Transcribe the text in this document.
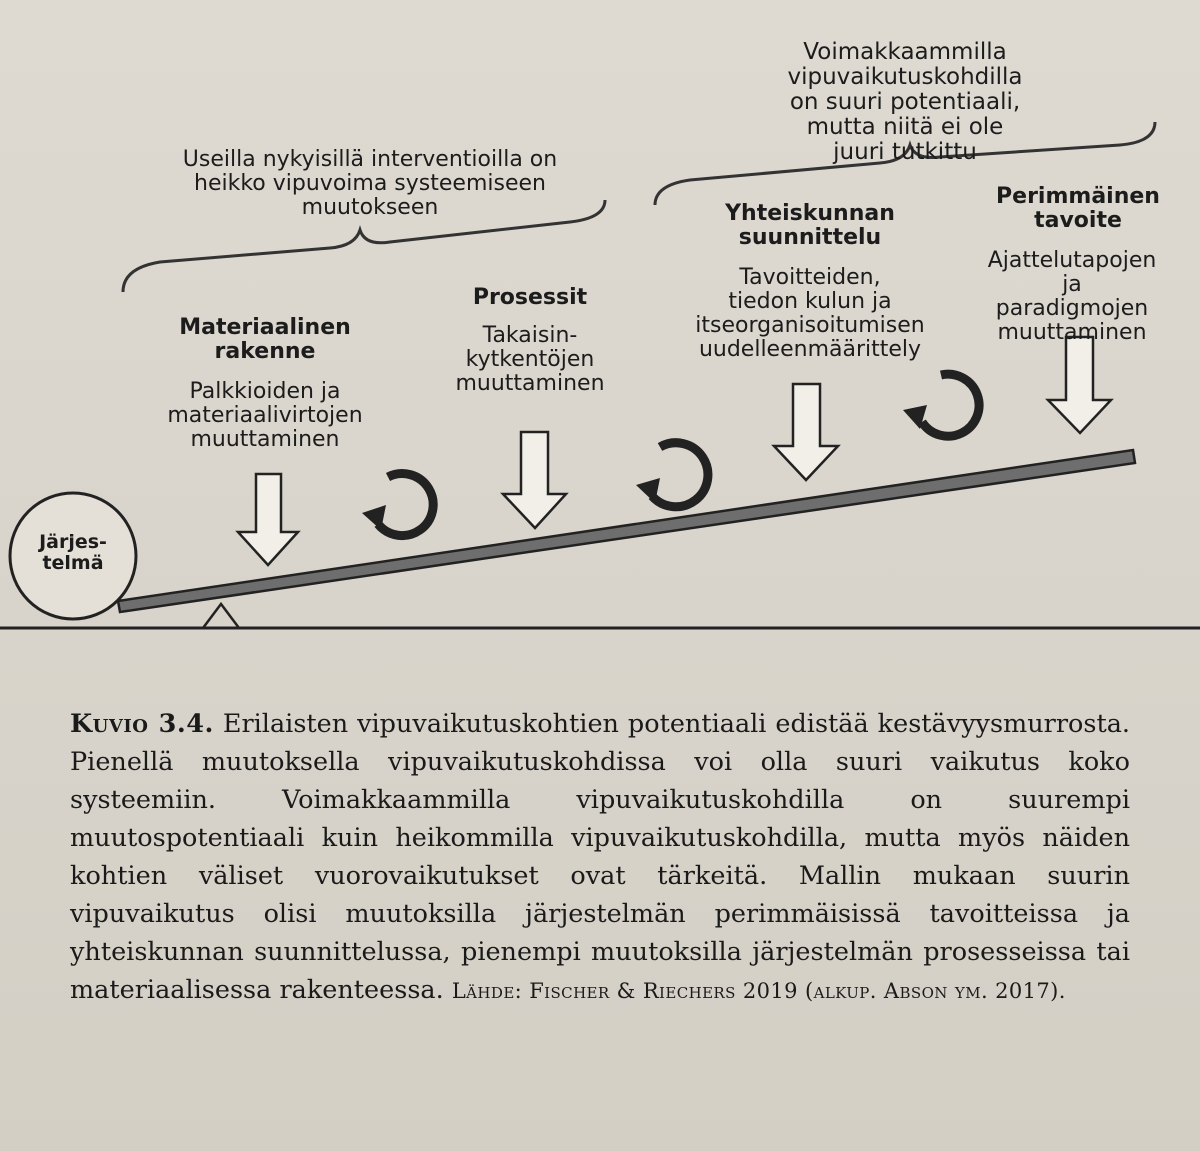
Voimakkaammilla vipuvaikutuskohdilla
on suuri potentiaali, mutta niitä ei ole
juuri tutkittu
Useilla nykyisillä interventioilla on
heikko vipuvoima systeemiseen
muutokseen
Järjes-
telmä
Materiaalinen
rakenne
Palkkioiden ja
materiaalivirtojen
muuttaminen
Prosessit
Takaisin-
kytkentöjen
muuttaminen
Yhteiskunnan
suunnittelu
Tavoitteiden,
tiedon kulun ja
itseorganisoitumisen
uudelleenmäärittely
Perimmäinen
tavoite
Ajattelutapojen ja
paradigmojen
muuttaminen
Kuvio 3.4. Erilaisten vipuvaikutuskohtien potentiaali edistää kestävyysmurrosta. Pienellä muutoksella vipuvaikutuskohdissa voi olla suuri vaikutus koko systeemiin. Voimakkaammilla vipuvaikutuskohdilla on suurempi muutospotentiaali kuin heikommilla vipuvaikutuskohdilla, mutta myös näiden kohtien väliset vuorovaikutukset ovat tärkeitä. Mallin mukaan suurin vipuvaikutus olisi muutoksilla järjestelmän perimmäisissä tavoitteissa ja yhteiskunnan suunnittelussa, pienempi muutoksilla järjestelmän prosesseissa tai materiaalisessa rakenteessa. Lähde: Fischer & Riechers 2019 (alkup. Abson ym. 2017).
